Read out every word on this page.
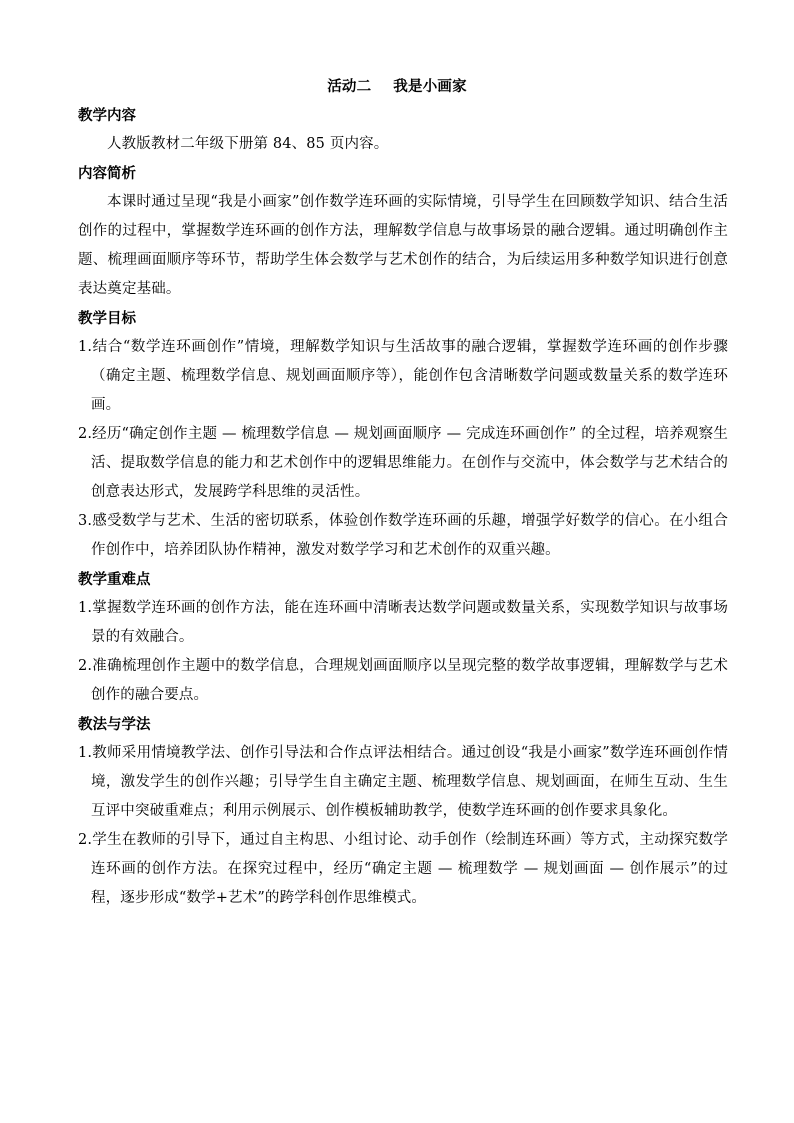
活动二 我是小画家
教学内容
人教版教材二年级下册第 84、85 页内容。
内容简析
本课时通过呈现“我是小画家”创作数学连环画的实际情境，引导学生在回顾数学知识、结合生活创作的过程中，掌握数学连环画的创作方法，理解数学信息与故事场景的融合逻辑。通过明确创作主题、梳理画面顺序等环节，帮助学生体会数学与艺术创作的结合，为后续运用多种数学知识进行创意表达奠定基础。
教学目标
1.结合“数学连环画创作”情境，理解数学知识与生活故事的融合逻辑，掌握数学连环画的创作步骤（确定主题、梳理数学信息、规划画面顺序等），能创作包含清晰数学问题或数量关系的数学连环画。
2.经历“确定创作主题 — 梳理数学信息 — 规划画面顺序 — 完成连环画创作” 的全过程，培养观察生活、提取数学信息的能力和艺术创作中的逻辑思维能力。在创作与交流中，体会数学与艺术结合的创意表达形式，发展跨学科思维的灵活性。
3.感受数学与艺术、生活的密切联系，体验创作数学连环画的乐趣，增强学好数学的信心。在小组合作创作中，培养团队协作精神，激发对数学学习和艺术创作的双重兴趣。
教学重难点
1.掌握数学连环画的创作方法，能在连环画中清晰表达数学问题或数量关系，实现数学知识与故事场景的有效融合。
2.准确梳理创作主题中的数学信息，合理规划画面顺序以呈现完整的数学故事逻辑，理解数学与艺术创作的融合要点。
教法与学法
1.教师采用情境教学法、创作引导法和合作点评法相结合。通过创设“我是小画家”数学连环画创作情境，激发学生的创作兴趣；引导学生自主确定主题、梳理数学信息、规划画面，在师生互动、生生互评中突破重难点；利用示例展示、创作模板辅助教学，使数学连环画的创作要求具象化。
2.学生在教师的引导下，通过自主构思、小组讨论、动手创作（绘制连环画）等方式，主动探究数学连环画的创作方法。在探究过程中，经历“确定主题 — 梳理数学 — 规划画面 — 创作展示”的过程，逐步形成“数学+艺术”的跨学科创作思维模式。
